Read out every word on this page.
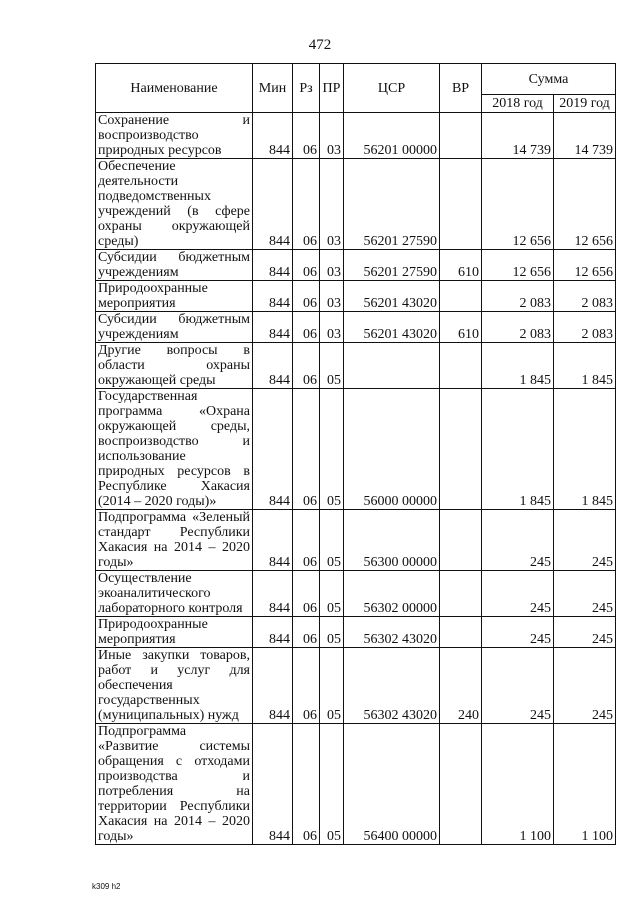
472
Наименование	Мин	Рз	ПР	ЦСР	ВР	Сумма	
						2018 год	2019 год
Сохранение и воспроизводство природных ресурсов	844	06	03	56201 00000		14 739	14 739
Обеспечение деятельности подведомственных учреждений (в сфере охраны окружающей среды)	844	06	03	56201 27590		12 656	12 656
Субсидии бюджетным учреждениям	844	06	03	56201 27590	610	12 656	12 656
Природоохранные мероприятия	844	06	03	56201 43020		2 083	2 083
Субсидии бюджетным учреждениям	844	06	03	56201 43020	610	2 083	2 083
Другие вопросы в области охраны окружающей среды	844	06	05			1 845	1 845
Государственная программа «Охрана окружающей среды, воспроизводство и использование природных ресурсов в Республике Хакасия (2014 – 2020 годы)»	844	06	05	56000 00000		1 845	1 845
Подпрограмма «Зеленый стандарт Республики Хакасия на 2014 – 2020 годы»	844	06	05	56300 00000		245	245
Осуществление экоаналитического лабораторного контроля	844	06	05	56302 00000		245	245
Природоохранные мероприятия	844	06	05	56302 43020		245	245
Иные закупки товаров, работ и услуг для обеспечения государственных (муниципальных) нужд	844	06	05	56302 43020	240	245	245
Подпрограмма «Развитие системы обращения с отходами производства и потребления на территории Республики Хакасия на 2014 – 2020 годы»	844	06	05	56400 00000		1 100	1 100
k309 h2
